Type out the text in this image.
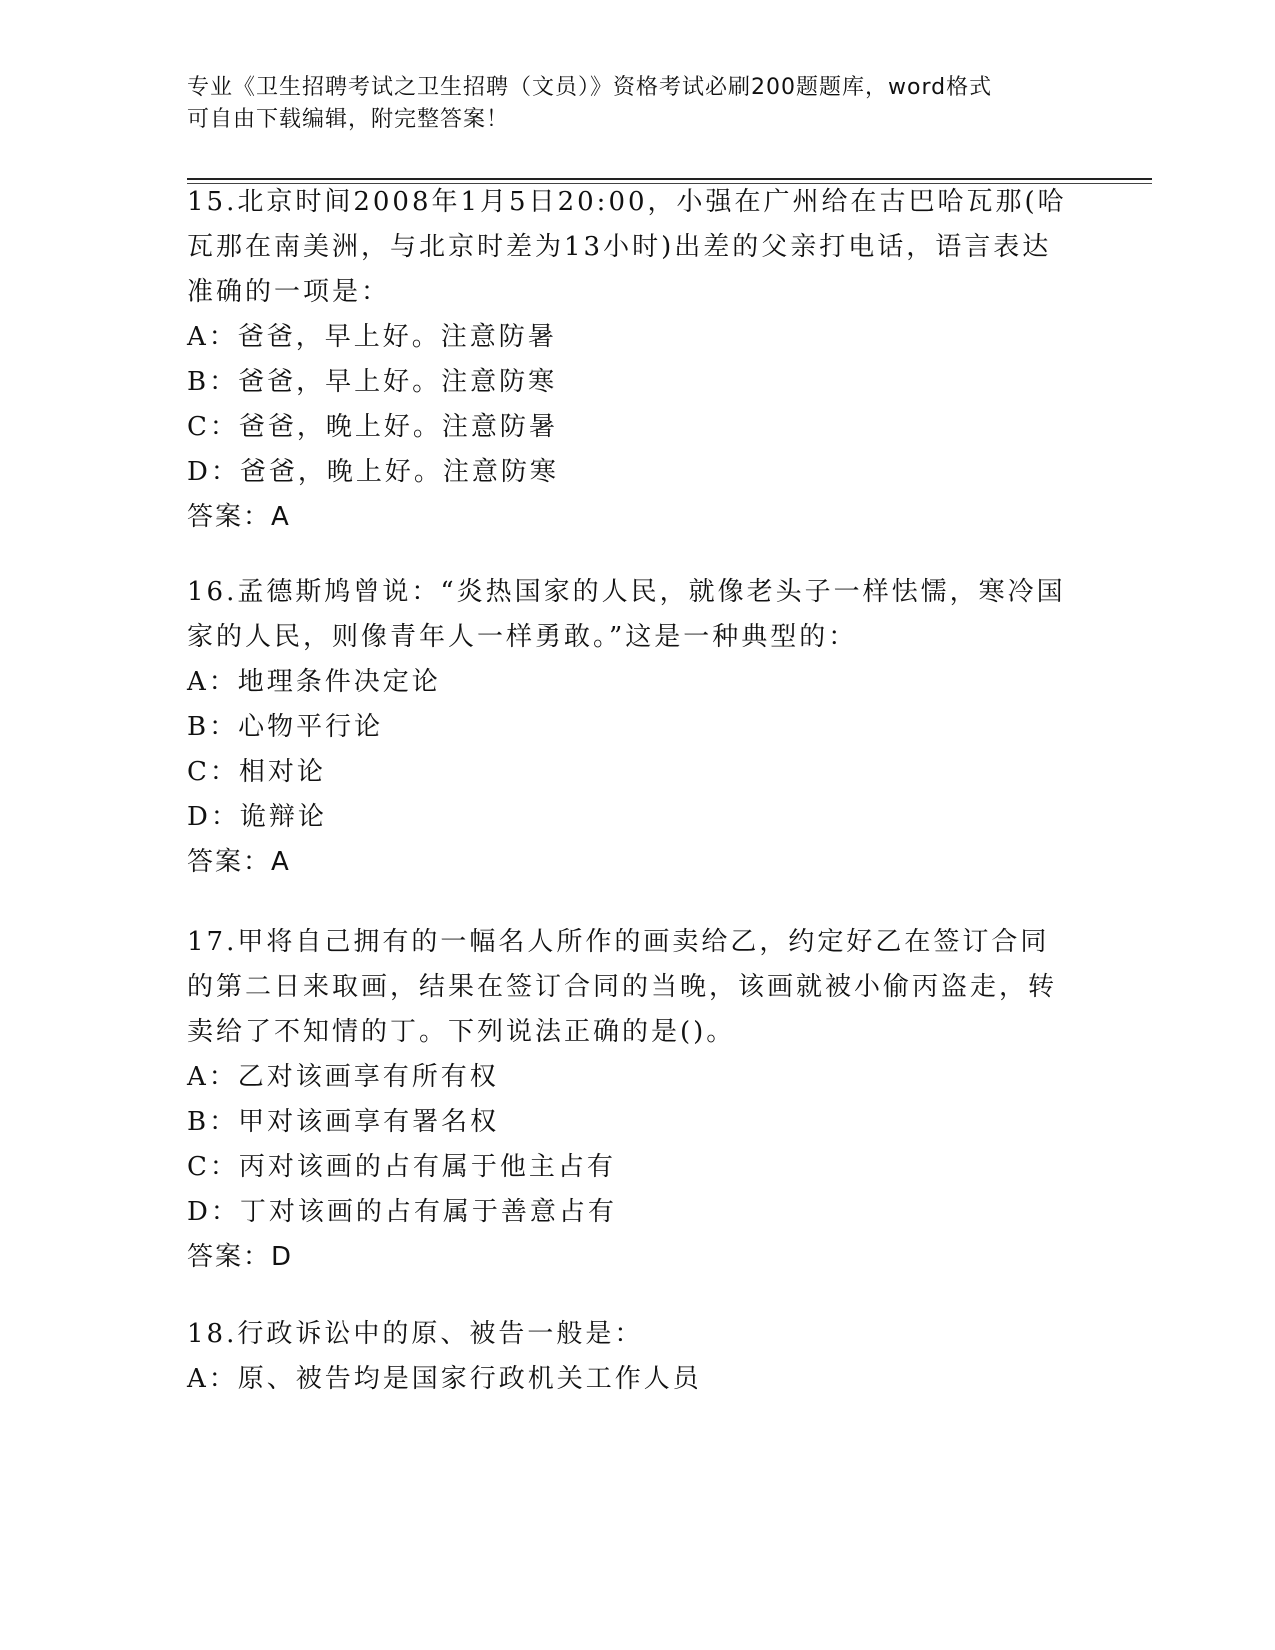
专业《卫生招聘考试之卫生招聘（文员）》资格考试必刷200题题库，word格式
可自由下载编辑，附完整答案！

15.北京时间2008年1月5日20:00，小强在广州给在古巴哈瓦那(哈瓦那在南美洲，与北京时差为13小时)出差的父亲打电话，语言表达准确的一项是：

A：爸爸，早上好。注意防暑

B：爸爸，早上好。注意防寒

C：爸爸，晚上好。注意防暑

D：爸爸，晚上好。注意防寒

答案：A

16.孟德斯鸠曾说：“炎热国家的人民，就像老头子一样怯懦，寒冷国家的人民，则像青年人一样勇敢。”这是一种典型的：

A：地理条件决定论

B：心物平行论

C：相对论

D：诡辩论

答案：A

17.甲将自己拥有的一幅名人所作的画卖给乙，约定好乙在签订合同的第二日来取画，结果在签订合同的当晚，该画就被小偷丙盗走，转卖给了不知情的丁。下列说法正确的是()。

A：乙对该画享有所有权

B：甲对该画享有署名权

C：丙对该画的占有属于他主占有

D：丁对该画的占有属于善意占有

答案：D

18.行政诉讼中的原、被告一般是：

A：原、被告均是国家行政机关工作人员
